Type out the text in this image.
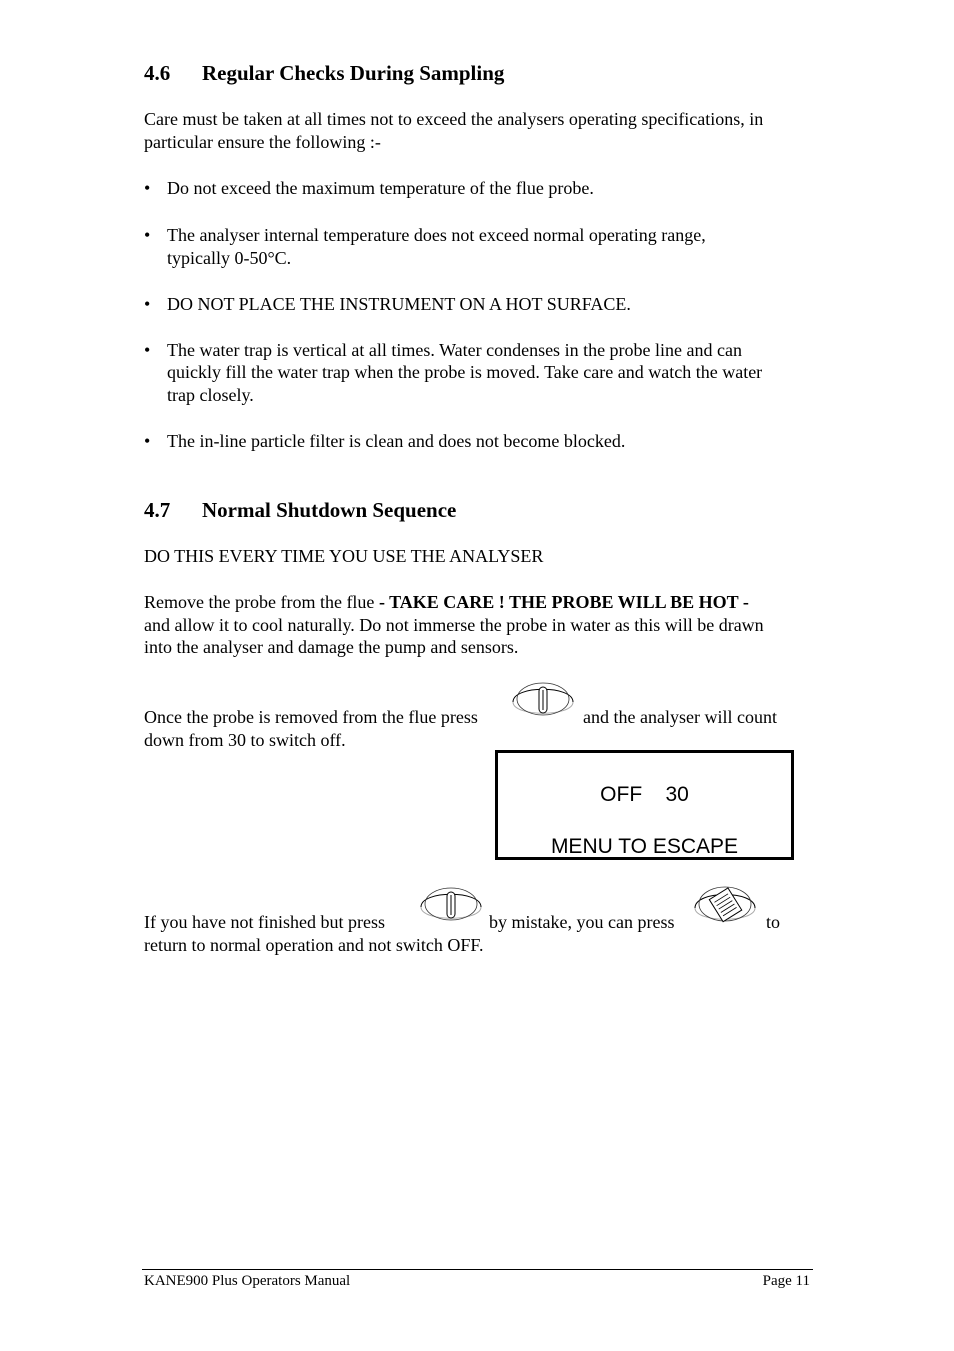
4.6 Regular Checks During Sampling
Care must be taken at all times not to exceed the analysers operating specifications, in
particular ensure the following :-
• Do not exceed the maximum temperature of the flue probe.
• The analyser internal temperature does not exceed normal operating range,
typically 0-50°C.
• DO NOT PLACE THE INSTRUMENT ON A HOT SURFACE.
• The water trap is vertical at all times. Water condenses in the probe line and can
quickly fill the water trap when the probe is moved. Take care and watch the water
trap closely.
• The in-line particle filter is clean and does not become blocked.
4.7 Normal Shutdown Sequence
DO THIS EVERY TIME YOU USE THE ANALYSER
Remove the probe from the flue - TAKE CARE ! THE PROBE WILL BE HOT -
and allow it to cool naturally. Do not immerse the probe in water as this will be drawn
into the analyser and damage the pump and sensors.
Once the probe is removed from the flue press	and the analyser will count
down from 30 to switch off.
OFF    30
MENU TO ESCAPE
If you have not finished but press	by mistake, you can press	to
return to normal operation and not switch OFF.
KANE900 Plus Operators Manual	Page 11
